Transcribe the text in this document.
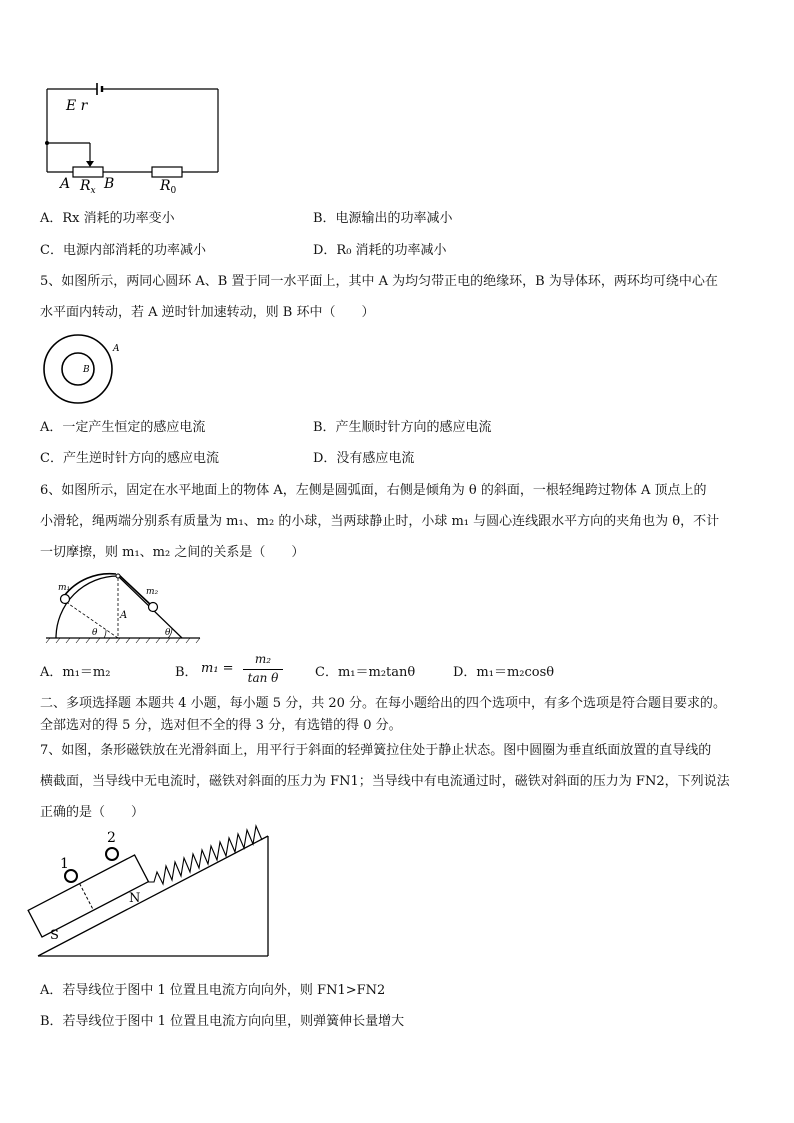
E r
A $R_x$ B	$R_0$
A．Rx 消耗的功率变小	B．电源输出的功率减小
C．电源内部消耗的功率减小	D．R₀ 消耗的功率减小
5、如图所示，两同心圆环 A、B 置于同一水平面上，其中 A 为均匀带正电的绝缘环，B 为导体环，两环均可绕中心在
水平面内转动，若 A 逆时针加速转动，则 B 环中（　　）
A
B
A．一定产生恒定的感应电流	B．产生顺时针方向的感应电流
C．产生逆时针方向的感应电流	D．没有感应电流
6、如图所示，固定在水平地面上的物体 A，左侧是圆弧面，右侧是倾角为 θ 的斜面，一根轻绳跨过物体 A 顶点上的
小滑轮，绳两端分别系有质量为 m₁、m₂ 的小球，当两球静止时，小球 m₁ 与圆心连线跟水平方向的夹角也为 θ，不计
一切摩擦，则 m₁、m₂ 之间的关系是（　　）
m₁	m₂
A
θ	θ
A．m₁＝m₂	B． m₁ =
m₂
tan θ	C．m₁＝m₂tanθ	D．m₁＝m₂cosθ
二、多项选择题 本题共 4 小题，每小题 5 分，共 20 分。在每小题给出的四个选项中，有多个选项是符合题目要求的。
全部选对的得 5 分，选对但不全的得 3 分，有选错的得 0 分。
7、如图，条形磁铁放在光滑斜面上，用平行于斜面的轻弹簧拉住处于静止状态。图中圆圈为垂直纸面放置的直导线的
横截面，当导线中无电流时，磁铁对斜面的压力为 FN1；当导线中有电流通过时，磁铁对斜面的压力为 FN2，下列说法
正确的是（　　）
1
2
N
S
A．若导线位于图中 1 位置且电流方向向外，则 FN1>FN2
B．若导线位于图中 1 位置且电流方向向里，则弹簧伸长量增大
